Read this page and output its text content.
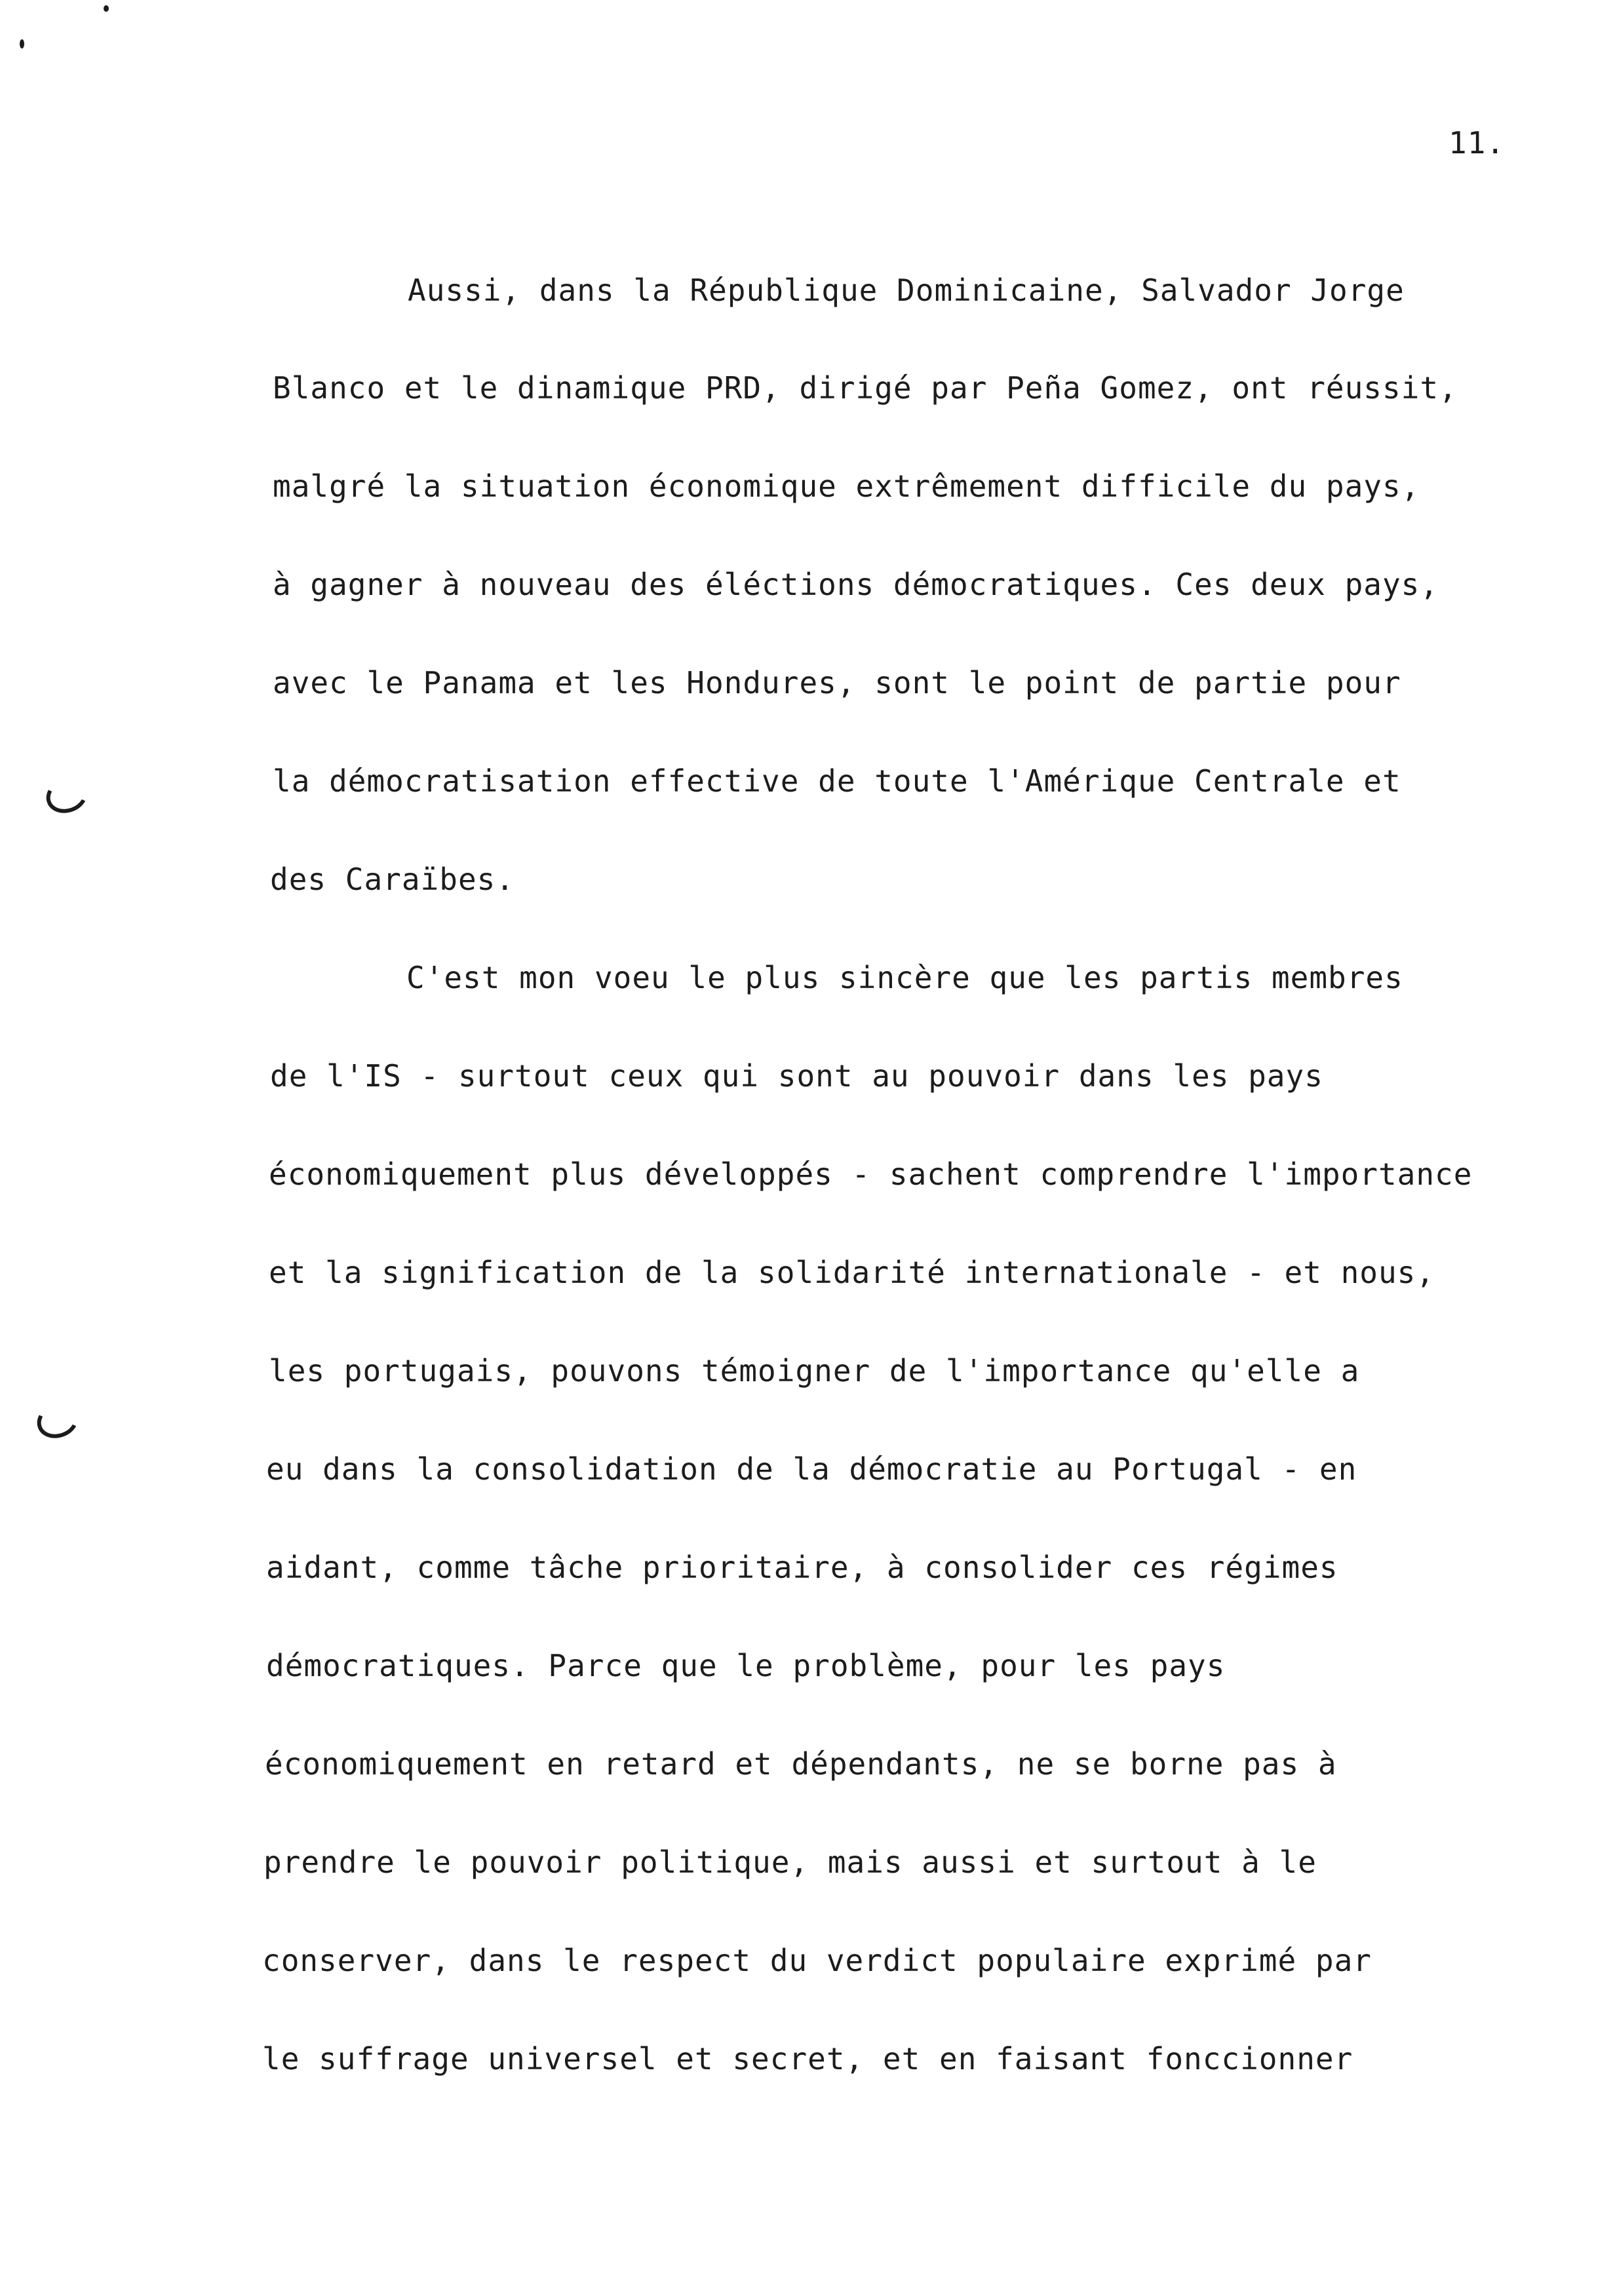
11.
Aussi, dans la République Dominicaine, Salvador Jorge
Blanco et le dinamique PRD, dirigé par Peña Gomez, ont réussit,
malgré la situation économique extrêmement difficile du pays,
à gagner à nouveau des éléctions démocratiques. Ces deux pays,
avec le Panama et les Hondures, sont le point de partie pour
la démocratisation effective de toute l'Amérique Centrale et
des Caraïbes.
C'est mon voeu le plus sincère que les partis membres
de l'IS - surtout ceux qui sont au pouvoir dans les pays
économiquement plus développés - sachent comprendre l'importance
et la signification de la solidarité internationale - et nous,
les portugais, pouvons témoigner de l'importance qu'elle a
eu dans la consolidation de la démocratie au Portugal - en
aidant, comme tâche prioritaire, à consolider ces régimes
démocratiques. Parce que le problème, pour les pays
économiquement en retard et dépendants, ne se borne pas à
prendre le pouvoir politique, mais aussi et surtout à le
conserver, dans le respect du verdict populaire exprimé par
le suffrage universel et secret, et en faisant fonccionner
